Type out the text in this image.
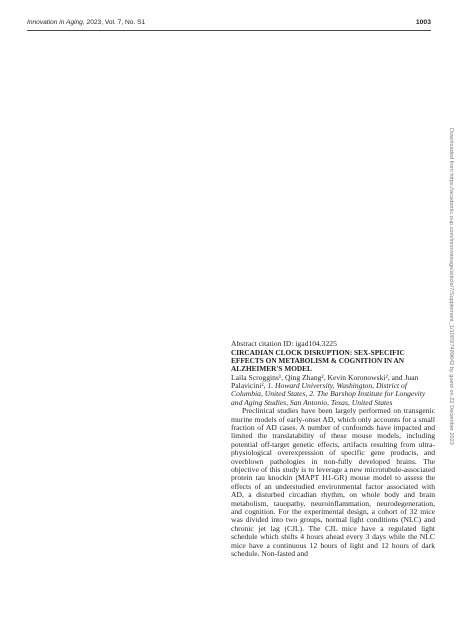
Innovation in Aging, 2023, Vol. 7, No. S1	1003

Abstract citation ID: igad104.3225

CIRCADIAN CLOCK DISRUPTION: SEX-SPECIFIC EFFECTS ON METABOLISM & COGNITION IN AN ALZHEIMER'S MODEL

Laila Scroggins¹, Qing Zhang², Kevin Koronowski², and Juan Palavicini², 1. Howard University, Washington, District of Columbia, United States, 2. The Barshop Institute for Longevity and Aging Studies, San Antonio, Texas, United States

Preclinical studies have been largely performed on transgenic murine models of early-onset AD, which only accounts for a small fraction of AD cases. A number of confounds have impacted and limited the translatability of these mouse models, including potential off-target genetic effects, artifacts resulting from ultra-physiological overexpression of specific gene products, and overblown pathologies in non-fully developed brains. The objective of this study is to leverage a new microtubule-associated protein tau knockin (MAPT H1-GR) mouse model to assess the effects of an understudied environmental factor associated with AD, a disturbed circadian rhythm, on whole body and brain metabolism, tauopathy, neuroinflammation, neurodegeneration, and cognition. For the experimental design, a cohort of 32 mice was divided into two groups, normal light conditions (NLC) and chronic jet lag (CJL). The CJL mice have a regulated light schedule which shifts 4 hours ahead every 3 days while the NLC mice have a continuous 12 hours of light and 12 hours of dark schedule. Non-fasted and

Downloaded from https://academic.oup.com/innovateage/article/7/Supplement_1/1003/7489642 by guest on 22 December 2023
